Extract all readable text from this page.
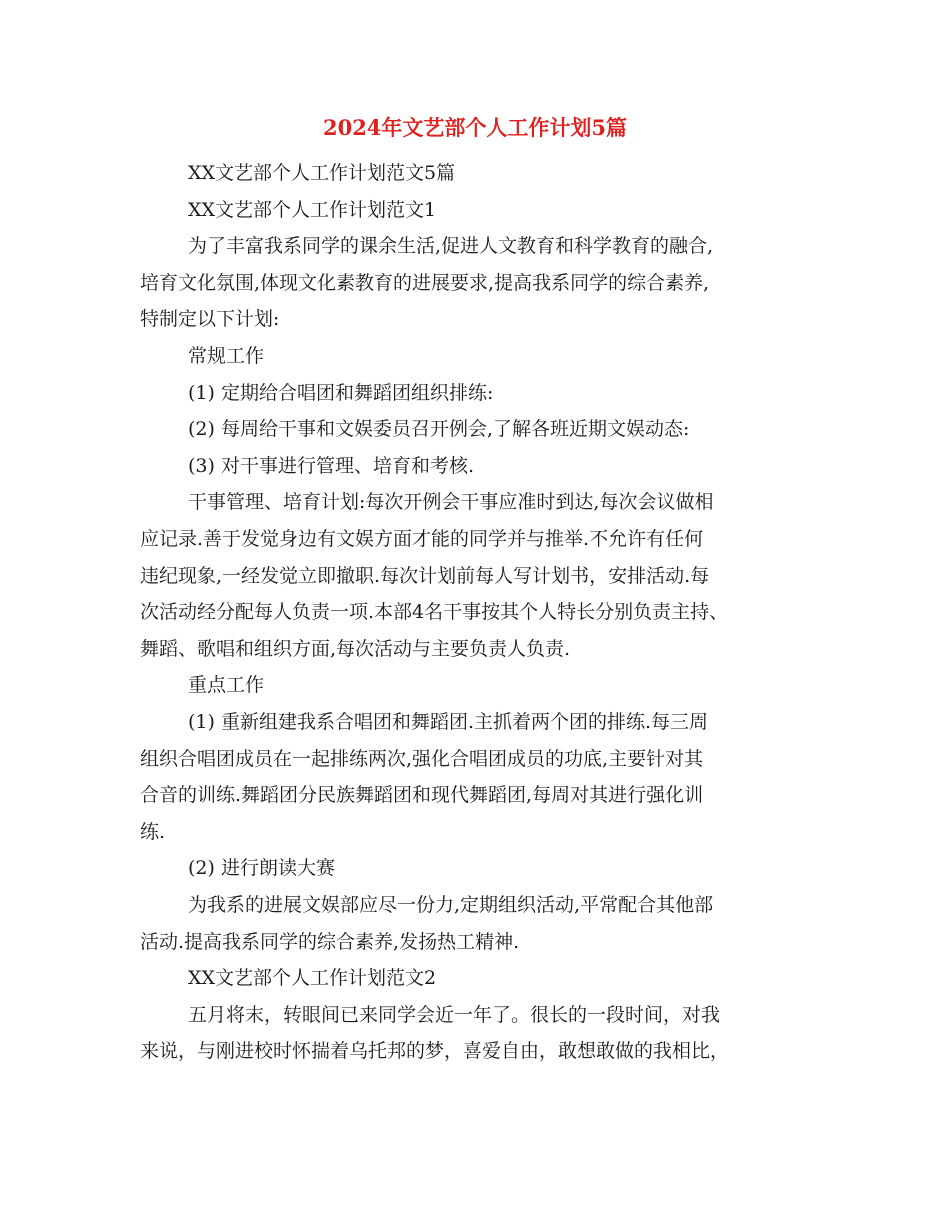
2024年文艺部个人工作计划5篇
XX文艺部个人工作计划范文5篇
XX文艺部个人工作计划范文1
为了丰富我系同学的课余生活,促进人文教育和科学教育的融合,
培育文化氛围,体现文化素教育的进展要求,提高我系同学的综合素养,
特制定以下计划:
常规工作
(1) 定期给合唱团和舞蹈团组织排练:
(2) 每周给干事和文娱委员召开例会,了解各班近期文娱动态:
(3) 对干事进行管理、培育和考核.
干事管理、培育计划:每次开例会干事应准时到达,每次会议做相
应记录.善于发觉身边有文娱方面才能的同学并与推举.不允许有任何
违纪现象,一经发觉立即撤职.每次计划前每人写计划书，安排活动.每
次活动经分配每人负责一项.本部4名干事按其个人特长分别负责主持、
舞蹈、歌唱和组织方面,每次活动与主要负责人负责.
重点工作
(1) 重新组建我系合唱团和舞蹈团.主抓着两个团的排练.每三周
组织合唱团成员在一起排练两次,强化合唱团成员的功底,主要针对其
合音的训练.舞蹈团分民族舞蹈团和现代舞蹈团,每周对其进行强化训
练.
(2) 进行朗读大赛
为我系的进展文娱部应尽一份力,定期组织活动,平常配合其他部
活动.提高我系同学的综合素养,发扬热工精神.
XX文艺部个人工作计划范文2
五月将末，转眼间已来同学会近一年了。很长的一段时间，对我
来说，与刚进校时怀揣着乌托邦的梦，喜爱自由，敢想敢做的我相比，
